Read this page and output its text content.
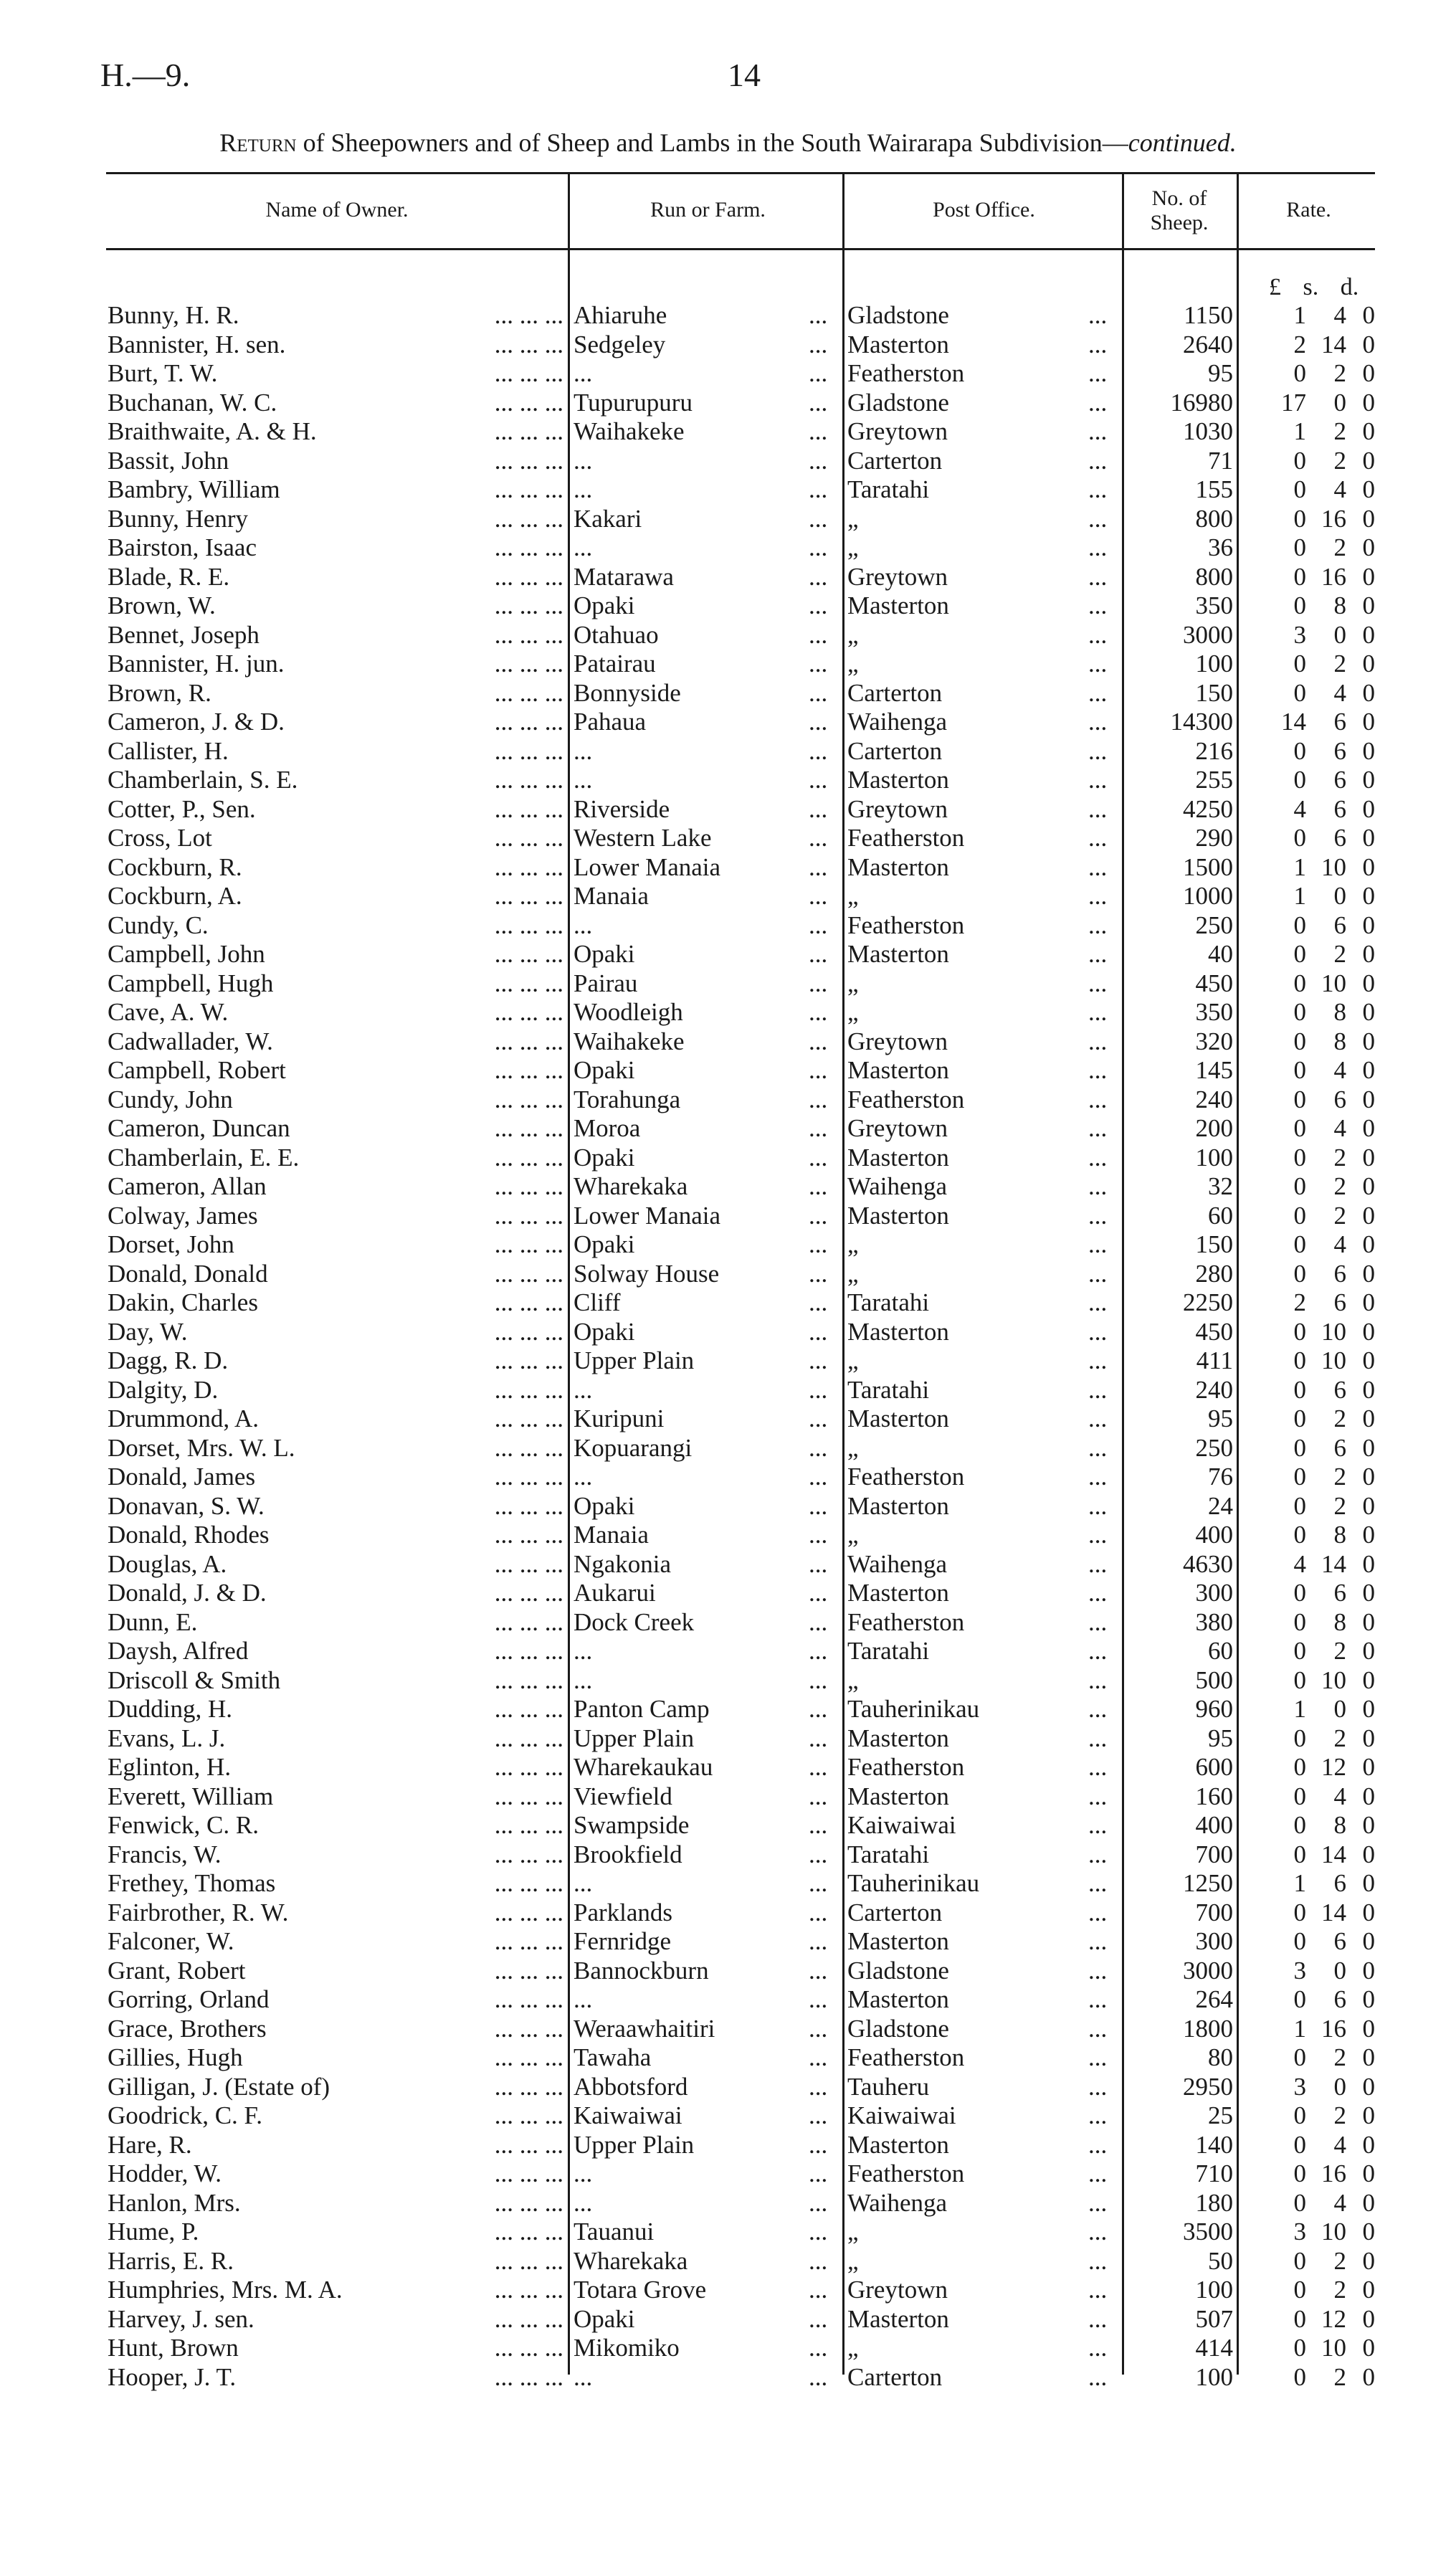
H.—9.	14
Return of Sheepowners and of Sheep and Lambs in the South Wairarapa Subdivision—continued.
Name of Owner.	Run or Farm.	Post Office.	No. of Sheep.
Rate.
£ s. d.
Bunny, H. R.	... ... ... Ahiaruhe	... Gladstone	...	1150	1	4 0
Bannister, H. sen.	... ... ... Sedgeley	... Masterton	...	2640	2 14 0
Burt, T. W.	... ... ... ...	... Featherston	...	95	0	2 0
Buchanan, W. C.	... ... ... Tupurupuru	... Gladstone	...	16980	17	0 0
Braithwaite, A. & H.	... ... ... Waihakeke	... Greytown	...	1030	1	2 0
Bassit, John	... ... ... ...	... Carterton	...	71	0	2 0
Bambry, William	... ... ... ...	... Taratahi	...	155	0	4 0
Bunny, Henry	... ... ... Kakari	... „	...	800	0 16 0
Bairston, Isaac	... ... ... ...	... „	...	36	0	2 0
Blade, R. E.	... ... ... Matarawa	... Greytown	...	800	0 16 0
Brown, W.	... ... ... Opaki	... Masterton	...	350	0	8 0
Bennet, Joseph	... ... ... Otahuao	... „	...	3000	3	0 0
Bannister, H. jun.	... ... ... Patairau	... „	...	100	0	2 0
Brown, R.	... ... ... Bonnyside	... Carterton	...	150	0	4 0
Cameron, J. & D.	... ... ... Pahaua	... Waihenga	...	14300	14	6 0
Callister, H.	... ... ... ...	... Carterton	...	216	0	6 0
Chamberlain, S. E.	... ... ... ...	... Masterton	...	255	0	6 0
Cotter, P., Sen.	... ... ... Riverside	... Greytown	...	4250	4	6 0
Cross, Lot	... ... ... Western Lake	... Featherston	...	290	0	6 0
Cockburn, R.	... ... ... Lower Manaia	... Masterton	...	1500	1 10 0
Cockburn, A.	... ... ... Manaia	... „	...	1000	1	0 0
Cundy, C.	... ... ... ...	... Featherston	...	250	0	6 0
Campbell, John	... ... ... Opaki	... Masterton	...	40	0	2 0
Campbell, Hugh	... ... ... Pairau	... „	...	450	0 10 0
Cave, A. W.	... ... ... Woodleigh	... „	...	350	0	8 0
Cadwallader, W.	... ... ... Waihakeke	... Greytown	...	320	0	8 0
Campbell, Robert	... ... ... Opaki	... Masterton	...	145	0	4 0
Cundy, John	... ... ... Torahunga	... Featherston	...	240	0	6 0
Cameron, Duncan	... ... ... Moroa	... Greytown	...	200	0	4 0
Chamberlain, E. E.	... ... ... Opaki	... Masterton	...	100	0	2 0
Cameron, Allan	... ... ... Wharekaka	... Waihenga	...	32	0	2 0
Colway, James	... ... ... Lower Manaia	... Masterton	...	60	0	2 0
Dorset, John	... ... ... Opaki	... „	...	150	0	4 0
Donald, Donald	... ... ... Solway House	... „	...	280	0	6 0
Dakin, Charles	... ... ... Cliff	... Taratahi	...	2250	2	6 0
Day, W.	... ... ... Opaki	... Masterton	...	450	0 10 0
Dagg, R. D.	... ... ... Upper Plain	... „	...	411	0 10 0
Dalgity, D.	... ... ... ...	... Taratahi	...	240	0	6 0
Drummond, A.	... ... ... Kuripuni	... Masterton	...	95	0	2 0
Dorset, Mrs. W. L.	... ... ... Kopuarangi	... „	...	250	0	6 0
Donald, James	... ... ... ...	... Featherston	...	76	0	2 0
Donavan, S. W.	... ... ... Opaki	... Masterton	...	24	0	2 0
Donald, Rhodes	... ... ... Manaia	... „	...	400	0	8 0
Douglas, A.	... ... ... Ngakonia	... Waihenga	...	4630	4 14 0
Donald, J. & D.	... ... ... Aukarui	... Masterton	...	300	0	6 0
Dunn, E.	... ... ... Dock Creek	... Featherston	...	380	0	8 0
Daysh, Alfred	... ... ... ...	... Taratahi	...	60	0	2 0
Driscoll & Smith	... ... ... ...	... „	...	500	0 10 0
Dudding, H.	... ... ... Panton Camp	... Tauherinikau	...	960	1	0 0
Evans, L. J.	... ... ... Upper Plain	... Masterton	...	95	0	2 0
Eglinton, H.	... ... ... Wharekaukau	... Featherston	...	600	0 12 0
Everett, William	... ... ... Viewfield	... Masterton	...	160	0	4 0
Fenwick, C. R.	... ... ... Swampside	... Kaiwaiwai	...	400	0	8 0
Francis, W.	... ... ... Brookfield	... Taratahi	...	700	0 14 0
Frethey, Thomas	... ... ... ...	... Tauherinikau	...	1250	1	6 0
Fairbrother, R. W.	... ... ... Parklands	... Carterton	...	700	0 14 0
Falconer, W.	... ... ... Fernridge	... Masterton	...	300	0	6 0
Grant, Robert	... ... ... Bannockburn	... Gladstone	...	3000	3	0 0
Gorring, Orland	... ... ... ...	... Masterton	...	264	0	6 0
Grace, Brothers	... ... ... Weraawhaitiri	... Gladstone	...	1800	1 16 0
Gillies, Hugh	... ... ... Tawaha	... Featherston	...	80	0	2 0
Gilligan, J. (Estate of)	... ... ... Abbotsford	... Tauheru	...	2950	3	0 0
Goodrick, C. F.	... ... ... Kaiwaiwai	... Kaiwaiwai	...	25	0	2 0
Hare, R.	... ... ... Upper Plain	... Masterton	...	140	0	4 0
Hodder, W.	... ... ... ...	... Featherston	...	710	0 16 0
Hanlon, Mrs.	... ... ... ...	... Waihenga	...	180	0	4 0
Hume, P.	... ... ... Tauanui	... „	...	3500	3 10 0
Harris, E. R.	... ... ... Wharekaka	... „	...	50	0	2 0
Humphries, Mrs. M. A.	... ... ... Totara Grove	... Greytown	...	100	0	2 0
Harvey, J. sen.	... ... ... Opaki	... Masterton	...	507	0 12 0
Hunt, Brown	... ... ... Mikomiko	... „	...	414	0 10 0
Hooper, J. T.	... ... ... ...	... Carterton	...	100	0	2 0
